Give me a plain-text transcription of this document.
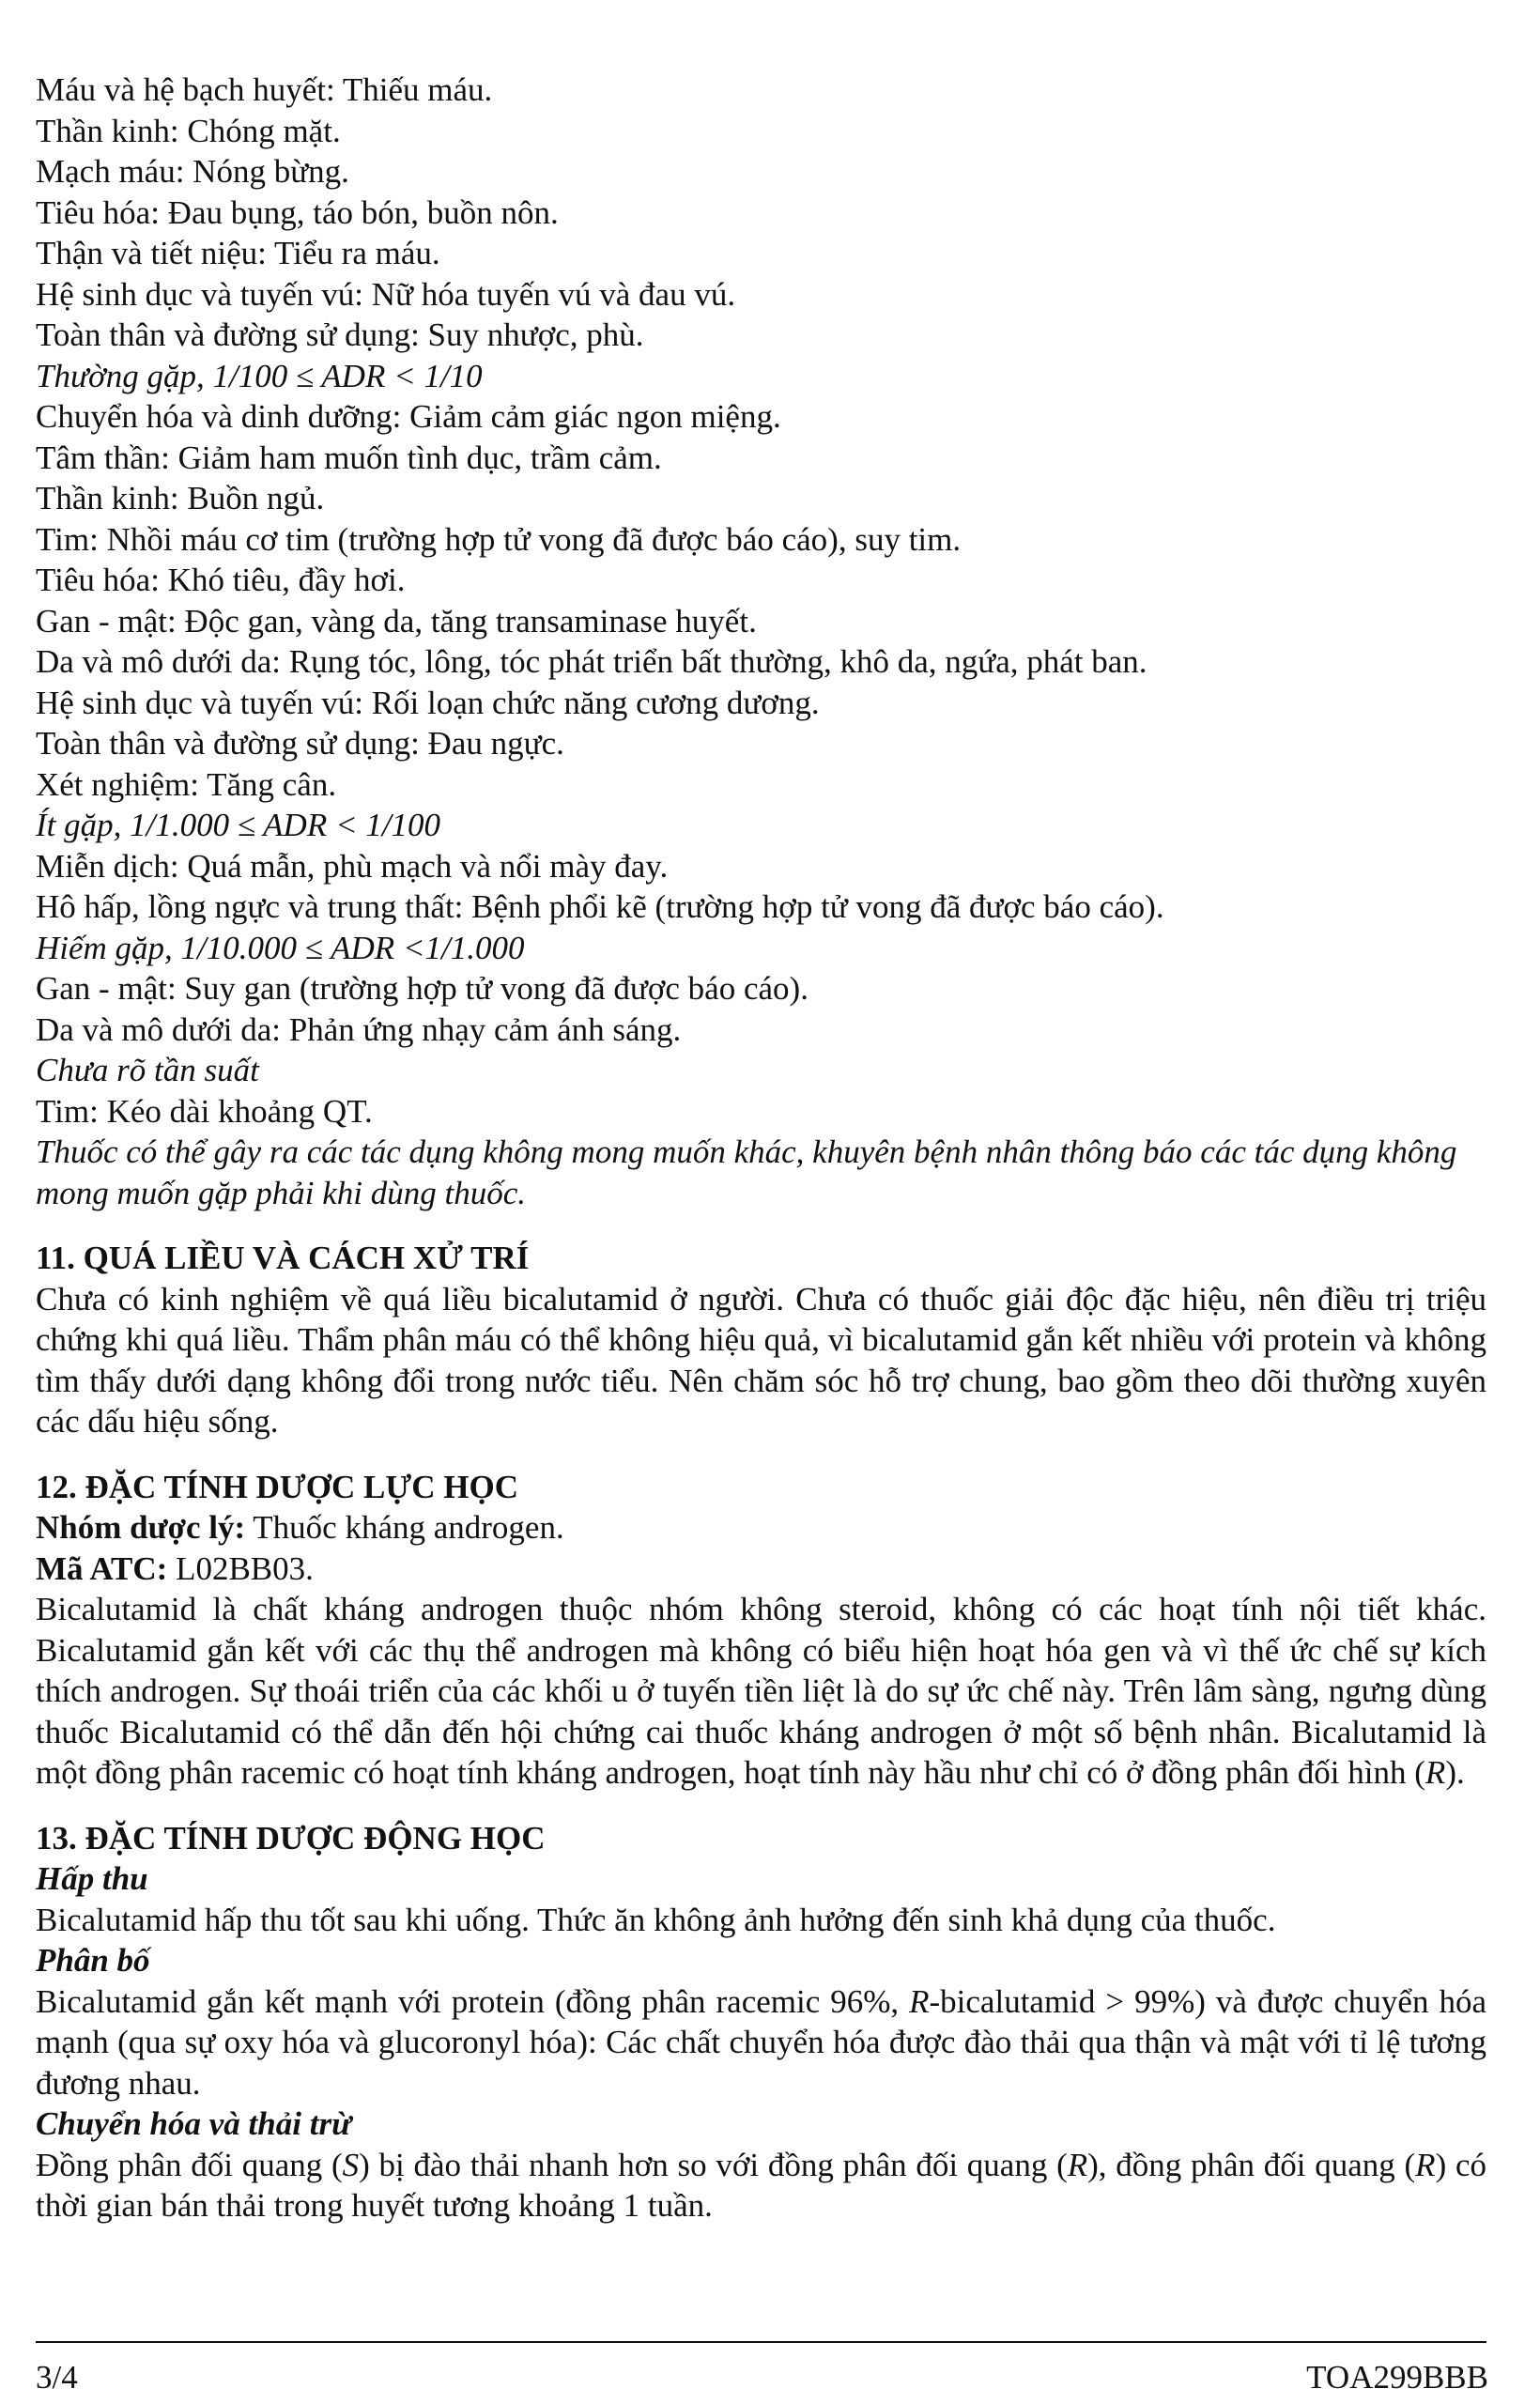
Máu và hệ bạch huyết: Thiếu máu.
Thần kinh: Chóng mặt.
Mạch máu: Nóng bừng.
Tiêu hóa: Đau bụng, táo bón, buồn nôn.
Thận và tiết niệu: Tiểu ra máu.
Hệ sinh dục và tuyến vú: Nữ hóa tuyến vú và đau vú.
Toàn thân và đường sử dụng: Suy nhược, phù.
Thường gặp, 1/100 ≤ ADR < 1/10
Chuyển hóa và dinh dưỡng: Giảm cảm giác ngon miệng.
Tâm thần: Giảm ham muốn tình dục, trầm cảm.
Thần kinh: Buồn ngủ.
Tim: Nhồi máu cơ tim (trường hợp tử vong đã được báo cáo), suy tim.
Tiêu hóa: Khó tiêu, đầy hơi.
Gan - mật: Độc gan, vàng da, tăng transaminase huyết.
Da và mô dưới da: Rụng tóc, lông, tóc phát triển bất thường, khô da, ngứa, phát ban.
Hệ sinh dục và tuyến vú: Rối loạn chức năng cương dương.
Toàn thân và đường sử dụng: Đau ngực.
Xét nghiệm: Tăng cân.
Ít gặp, 1/1.000 ≤ ADR < 1/100
Miễn dịch: Quá mẫn, phù mạch và nổi mày đay.
Hô hấp, lồng ngực và trung thất: Bệnh phổi kẽ (trường hợp tử vong đã được báo cáo).
Hiếm gặp, 1/10.000 ≤ ADR <1/1.000
Gan - mật: Suy gan (trường hợp tử vong đã được báo cáo).
Da và mô dưới da: Phản ứng nhạy cảm ánh sáng.
Chưa rõ tần suất
Tim: Kéo dài khoảng QT.
Thuốc có thể gây ra các tác dụng không mong muốn khác, khuyên bệnh nhân thông báo các tác dụng không mong muốn gặp phải khi dùng thuốc.
11. QUÁ LIỀU VÀ CÁCH XỬ TRÍ
Chưa có kinh nghiệm về quá liều bicalutamid ở người. Chưa có thuốc giải độc đặc hiệu, nên điều trị triệu chứng khi quá liều. Thẩm phân máu có thể không hiệu quả, vì bicalutamid gắn kết nhiều với protein và không tìm thấy dưới dạng không đổi trong nước tiểu. Nên chăm sóc hỗ trợ chung, bao gồm theo dõi thường xuyên các dấu hiệu sống.
12. ĐẶC TÍNH DƯỢC LỰC HỌC
Nhóm dược lý: Thuốc kháng androgen.
Mã ATC: L02BB03.
Bicalutamid là chất kháng androgen thuộc nhóm không steroid, không có các hoạt tính nội tiết khác. Bicalutamid gắn kết với các thụ thể androgen mà không có biểu hiện hoạt hóa gen và vì thế ức chế sự kích thích androgen. Sự thoái triển của các khối u ở tuyến tiền liệt là do sự ức chế này. Trên lâm sàng, ngưng dùng thuốc Bicalutamid có thể dẫn đến hội chứng cai thuốc kháng androgen ở một số bệnh nhân. Bicalutamid là một đồng phân racemic có hoạt tính kháng androgen, hoạt tính này hầu như chỉ có ở đồng phân đối hình (R).
13. ĐẶC TÍNH DƯỢC ĐỘNG HỌC
Hấp thu
Bicalutamid hấp thu tốt sau khi uống. Thức ăn không ảnh hưởng đến sinh khả dụng của thuốc.
Phân bố
Bicalutamid gắn kết mạnh với protein (đồng phân racemic 96%, R-bicalutamid > 99%) và được chuyển hóa mạnh (qua sự oxy hóa và glucoronyl hóa): Các chất chuyển hóa được đào thải qua thận và mật với tỉ lệ tương đương nhau.
Chuyển hóa và thải trừ
Đồng phân đối quang (S) bị đào thải nhanh hơn so với đồng phân đối quang (R), đồng phân đối quang (R) có thời gian bán thải trong huyết tương khoảng 1 tuần.
3/4	TOA299BBB
